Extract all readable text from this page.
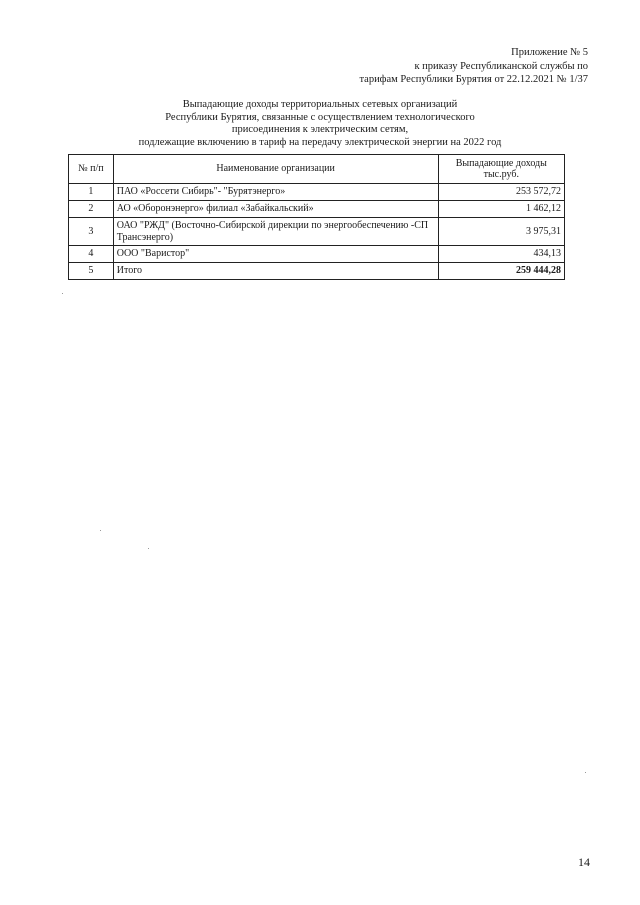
Приложение № 5
к приказу Республиканской службы по
тарифам Республики Бурятия от 22.12.2021 № 1/37
Выпадающие доходы территориальных сетевых организаций
Республики Бурятия, связанные с осуществлением технологического
присоединения к электрическим сетям,
подлежащие включению в тариф на передачу электрической энергии на 2022 год
№ п/п	Наименование организации	Выпадающие доходы тыс.руб.
1	ПАО «Россети Сибирь"- "Бурятэнерго»	253 572,72
2	АО «Оборонэнерго» филиал «Забайкальский»	1 462,12
3	ОАО "РЖД" (Восточно-Сибирской дирекции по энергообеспечению -СП Трансэнерго)	3 975,31
4	ООО "Варистор"	434,13
5	Итого	259 444,28
14
